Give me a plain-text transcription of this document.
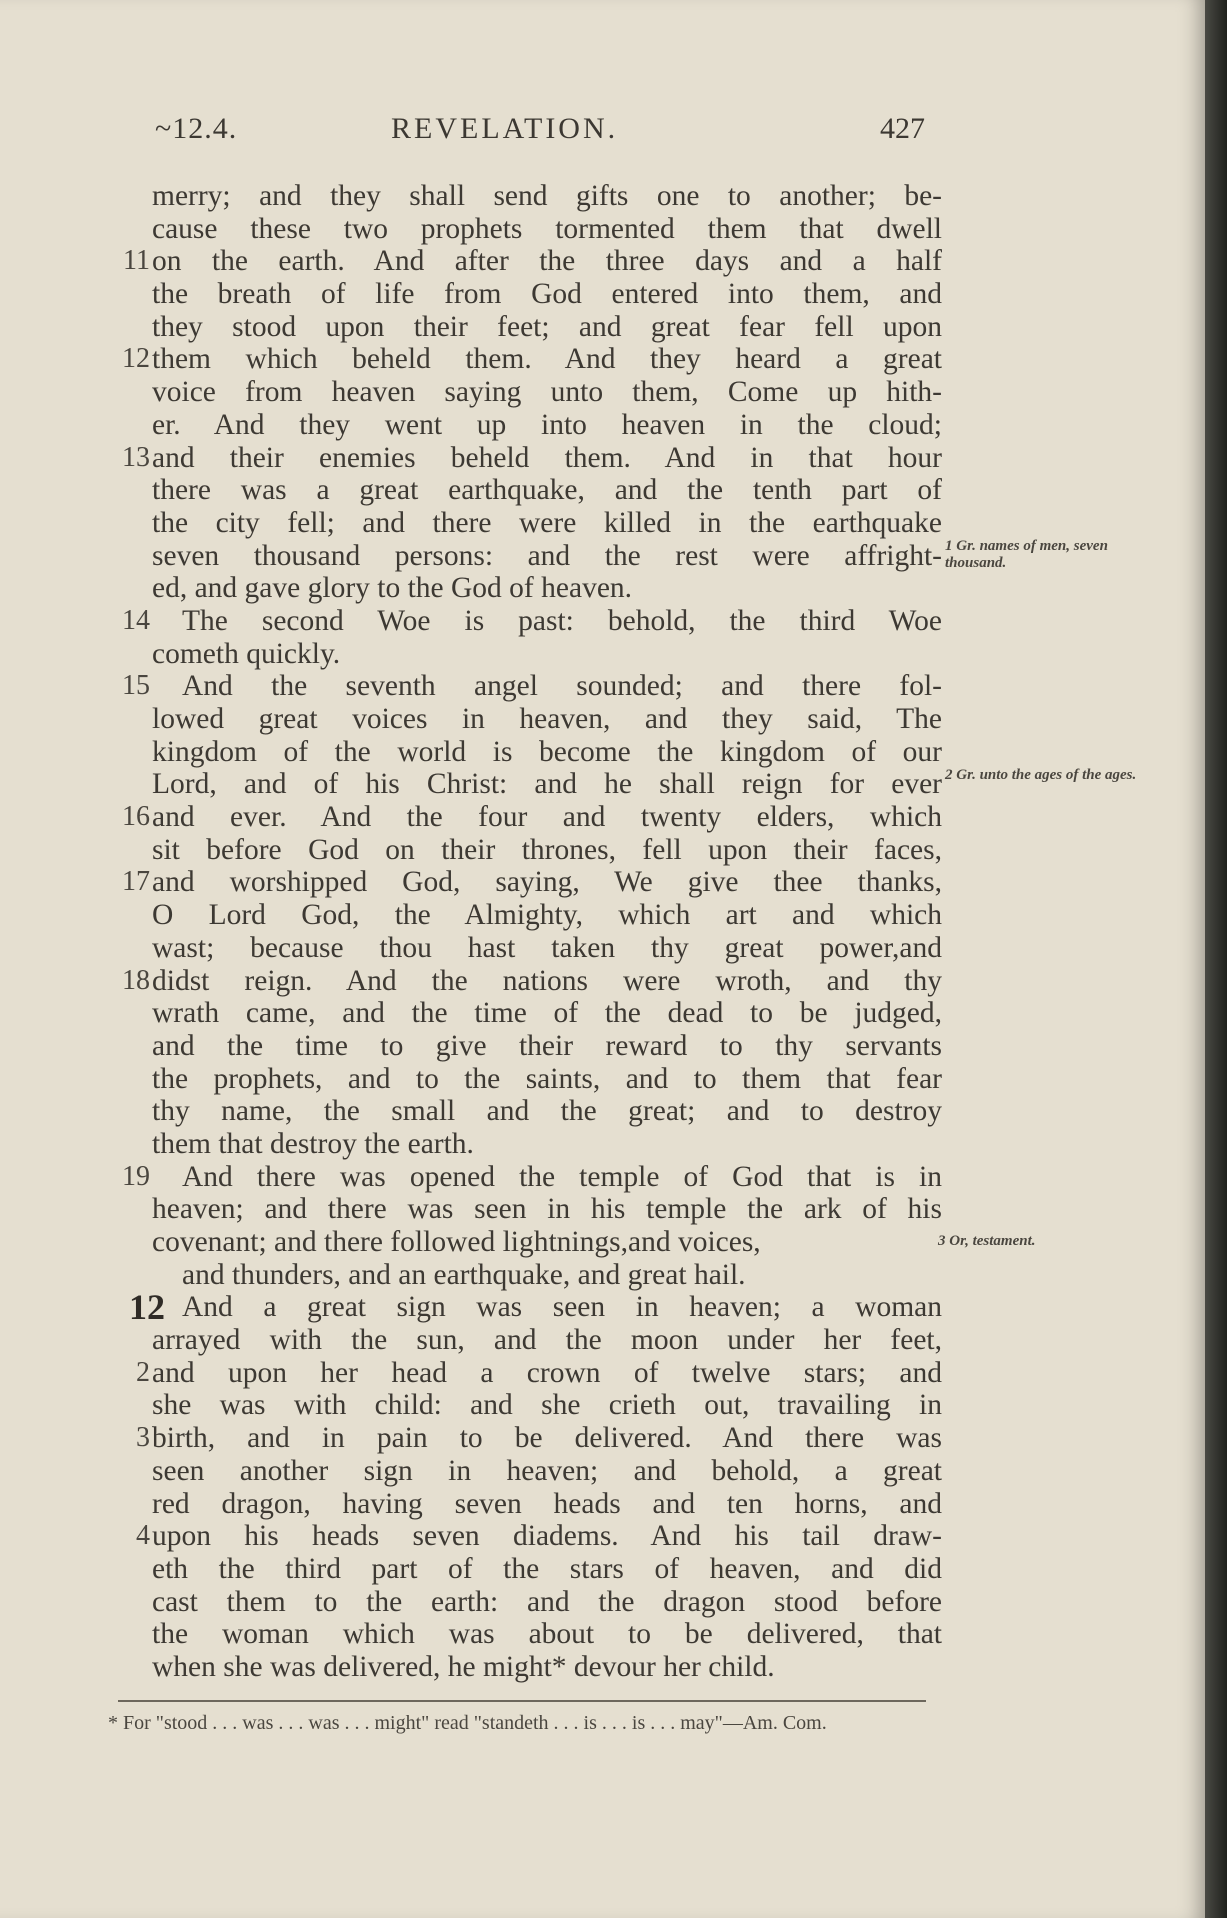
~12.4.	REVELATION.	427
merry; and they shall send gifts one to another; be-
cause these two prophets tormented them that dwell
11 on the earth. And after the three days and a half
the breath of life from God entered into them, and
they stood upon their feet; and great fear fell upon
12 them which beheld them. And they heard a great
voice from heaven saying unto them, Come up hith-
er. And they went up into heaven in the cloud;
13 and their enemies beheld them. And in that hour
there was a great earthquake, and the tenth part of
the city fell; and there were killed in the earthquake
seven thousand persons: and the rest were affright-
ed, and gave glory to the God of heaven.
14 The second Woe is past: behold, the third Woe
cometh quickly.
15 And the seventh angel sounded; and there fol-
lowed great voices in heaven, and they said, The
kingdom of the world is become the kingdom of our
Lord, and of his Christ: and he shall reign for ever
16 and ever. And the four and twenty elders, which
sit before God on their thrones, fell upon their faces,
17 and worshipped God, saying, We give thee thanks,
O Lord God, the Almighty, which art and which
wast; because thou hast taken thy great power,and
18 didst reign. And the nations were wroth, and thy
wrath came, and the time of the dead to be judged,
and the time to give their reward to thy servants
the prophets, and to the saints, and to them that fear
thy name, the small and the great; and to destroy
them that destroy the earth.
19 And there was opened the temple of God that is in
heaven; and there was seen in his temple the ark of his
covenant; and there followed lightnings,and voices,
and thunders, and an earthquake, and great hail.
12 And a great sign was seen in heaven; a woman
arrayed with the sun, and the moon under her feet,
2 and upon her head a crown of twelve stars; and
she was with child: and she crieth out, travailing in
3 birth, and in pain to be delivered. And there was
seen another sign in heaven; and behold, a great
red dragon, having seven heads and ten horns, and
4 upon his heads seven diadems. And his tail draw-
eth the third part of the stars of heaven, and did
cast them to the earth: and the dragon stood before
the woman which was about to be delivered, that
when she was delivered, he might* devour her child.
1 Gr. names of men, seven thousand.
2 Gr. unto the ages of the ages.
3 Or, testament.
* For "stood . . . was . . . was . . . might" read "standeth . . . is . . . is . . . may"—Am. Com.
